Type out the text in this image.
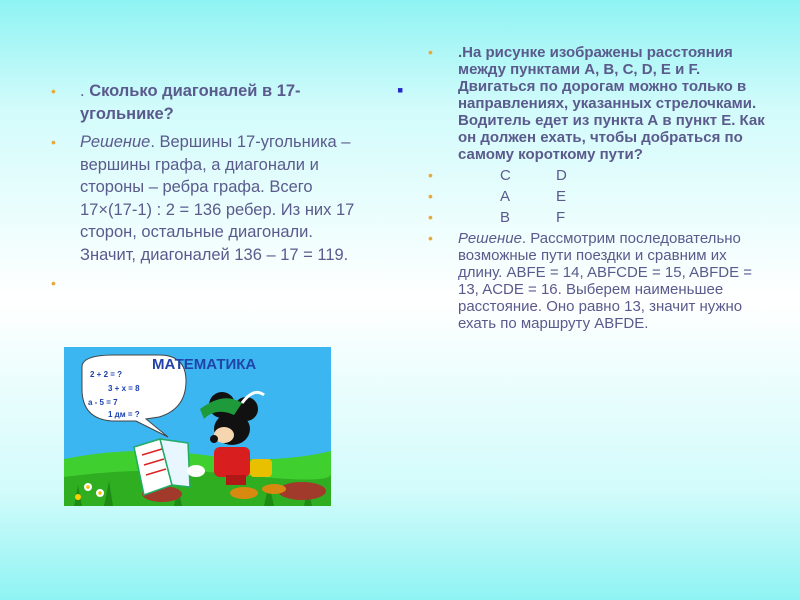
• . Сколько диагоналей в 17-угольнике?
• Решение. Вершины 17-угольника – вершины графа, а диагонали и стороны – ребра графа. Всего 17×(17-1) : 2 = 136 ребер. Из них 17 сторон, остальные диагонали. Значит, диагоналей 136 – 17 = 119.
•

▪
• .На рисунке изображены расстояния между пунктами A, B, C, D, E и F. Двигаться по дорогам можно только в направлениях, указанных стрелочками. Водитель едет из пункта А в пункт Е. Как он должен ехать, чтобы добраться по самому короткому пути?
•	C	D
•	A	E
•	B	F
• Решение. Рассмотрим последовательно возможные пути поездки и сравним их длину. ABFE = 14, ABFCDE = 15, ABFDE = 13, ACDE = 16. Выберем наименьшее расстояние. Оно равно 13, значит нужно ехать по маршруту ABFDE.
2 + 2 = ?
3 + x = 8
a - 5 = 7
1 дм = ?
МАТЕМАТИКА
